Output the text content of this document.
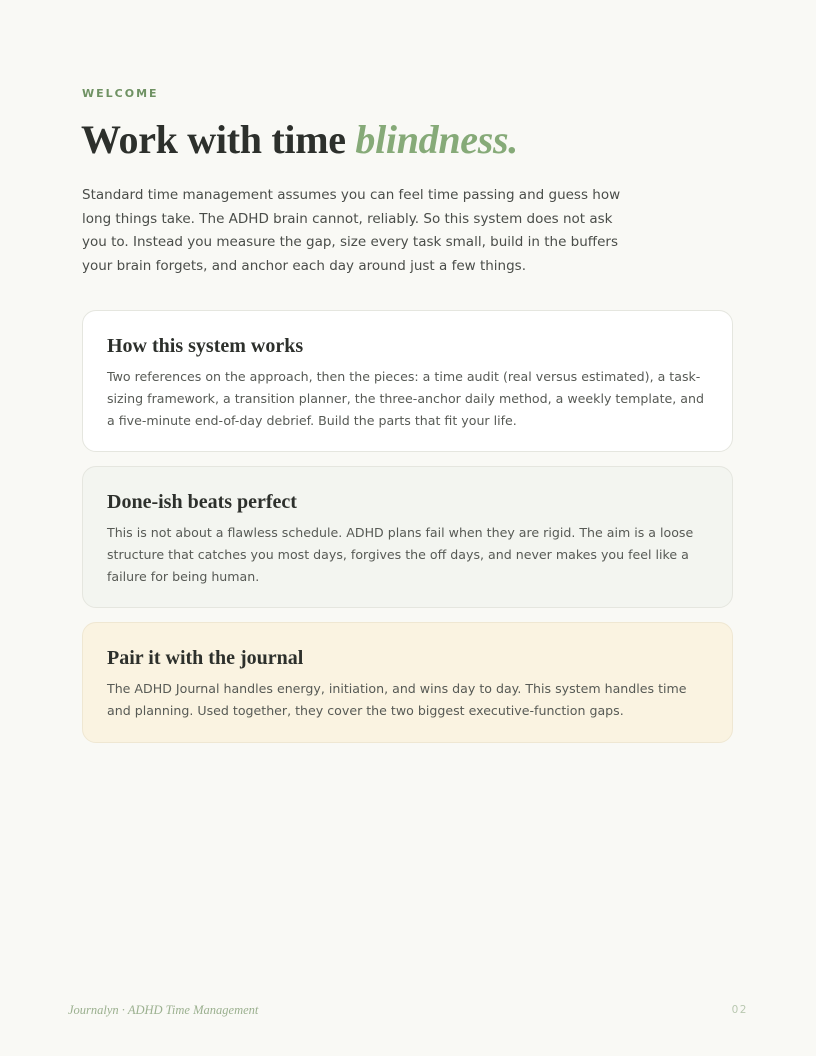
WELCOME
Work with time blindness.

Standard time management assumes you can feel time passing and guess how long things take. The ADHD brain cannot, reliably. So this system does not ask you to. Instead you measure the gap, size every task small, build in the buffers your brain forgets, and anchor each day around just a few things.

How this system works

Two references on the approach, then the pieces: a time audit (real versus estimated), a task-sizing framework, a transition planner, the three-anchor daily method, a weekly template, and a five-minute end-of-day debrief. Build the parts that fit your life.

Done-ish beats perfect

This is not about a flawless schedule. ADHD plans fail when they are rigid. The aim is a loose structure that catches you most days, forgives the off days, and never makes you feel like a failure for being human.

Pair it with the journal

The ADHD Journal handles energy, initiation, and wins day to day. This system handles time and planning. Used together, they cover the two biggest executive-function gaps.

Journalyn · ADHD Time Management	02
